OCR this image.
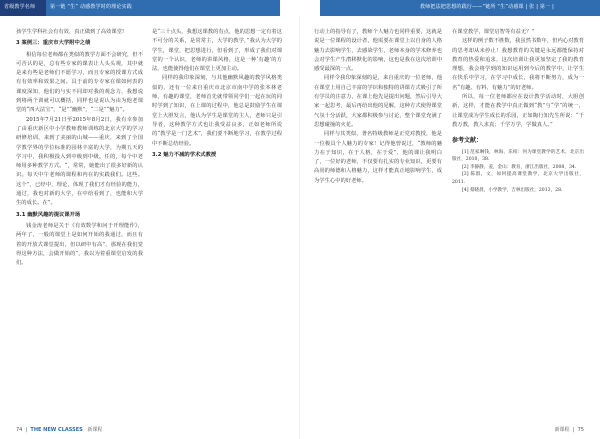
省级教学名师	第一链 “生” 动感教学时的理论实践	教师把法把思想的践行——”链所 “生”动感课 | 张 | 第一 |

孩学生学科社会有有效，真正做到了高效课堂!

3 案例三：重庆市大学附中之绩

相信每位老师都在类似的教学方面不会研究，但不可否认的是，总有些专家的课表让人头头观，其中就是来有些是老师们不愿学习，而且专家的授课方式成有有效率和效果之间。具于前的专专家在课如何表的课度深知，他们的与实不同却对我的观念力，我想说到将两个训就可以概括，同样也是说认为由为他老课堂的“四大法宝”，“是”“幽默”，“二是”“魅力”。

2015年7月21日至2015年8月2日，我有幸参加了由重庆新区中小学教师教师训练的北京大学的学习研修培训，来到了美丽的山城——重庆，来到了全国学教学界的学位标准的园林丰富的大学，为期五天的学习中，我积极投入到中级到中级。任的，每个中老师用多种教学方式。“，常常，她能出了很多好新的认识。每天中午老师的课程和内在的实践我们。这些。这个”，已经中，理论，体现了我们才有经验的能力，通过，我也对新的大学，在中给看到了，也能和大学生的成长。在”。

3.1 幽默风趣的提议课开场

钱金涛老师是关于《有效数学和问于开理能作》，两年了，一般的课堂上是如何开始的我通过，而且有着的开放式课堂提出，但以研中有高”，那现在我们觉得这种方法，会做开始的”，我以为着重课堂启发的我们。

是“三十点头，我想这课教的有点，他的思想一定有着这不可分的关系，是常常主，大学的教学，”我认为大学的学生，课堂，把思想进行，但看到了，形成了我们对课堂的一个认识，老师的讲课风格，这是一种‘有趣’的方法，也能使得他们在课堂上更加主动。

同样的我印象深刻，与其他幽默风趣的教学风格类似的，还有一位来自重庆市北京市南中学的张本林老师，有趣的课堂，老师首先就带领同学们一起在玩的同时学到了知识，在上课的过程中，他总是鼓励学生在课堂上大胆发言，他认为学生是课堂的主人，老师只是引导者，这种教学方式也让我受益良多，正如老师所说的“教学是一门艺术”，我们要不断地学习，在教学过程中不断总结经验。

3.2 魅力不减的学术式教授

行动上的指导有了，教师个人魅力也同样重要，这就是说是一位课程的设计者，他需要在课堂上以自身的人格魅力去影响学生，去感染学生，老师本身的学术修养也会对学生产生潜移默化的影响，这也是我在这次培训中感受最深的一点。

同样令我印象深刻的是，来自重庆的一位老师，他在课堂上用自己丰富的学识和独特的讲课方式吸引了所有学员的注意力，在课上他先是提出问题，然后引导大家一起思考，最后再给出他的见解，这种方式使得课堂气氛十分活跃，大家都积极参与讨论，整个课堂充满了思想碰撞的火花。

同样与其类似，著名特级教师是正党对教授，他是一位极具个人魅力的专家！记得他曾说过，“教师的魅力在于知识，在于人格，在于爱”，他的课让我明白了，一位好的老师，不仅要有扎实的专业知识，更要有高尚的师德和人格魅力，这样才能真正地影响学生，成为学生心中的好老师。

在课堂教学，课堂启智等有益无？”

这样的例子数不胜数，我虽然书数年，但内心对教育的思考却从未停止！我想教育的关键是永远都能保持对教育的热爱和追求，这次培训让我更加坚定了我的教育理想，我会将学到的知识运用到今后的教学中，让学生在快乐中学习，在学习中成长，我将不断努力，成为一名“有趣、有料、有魅力”的好老师。

所以，每一位老师都应在设计教学活动时，大胆创新，这样，才能在教学中真正做到“教”与“学”的统一，让课堂成为学生成长的乐园，正如陶行知先生所说：“千教万教，教人求真；千学万学，学做真人。”

参考文献：

[1] 范家琳钱，林海，乐柏：何为课堂教学的艺术，北京出版社，2010，38.

[2] 李静静，姜，金山：教育，浙江出版社，2008，34.

[3] 陈群，文，如何提高课堂教学，北京大学出版社，2011.

[4] 蔡晓晨，小学教学，吉林出版社，2013，28.

74  |  THE NEW CLASSES 新课程	新课程  |  75
